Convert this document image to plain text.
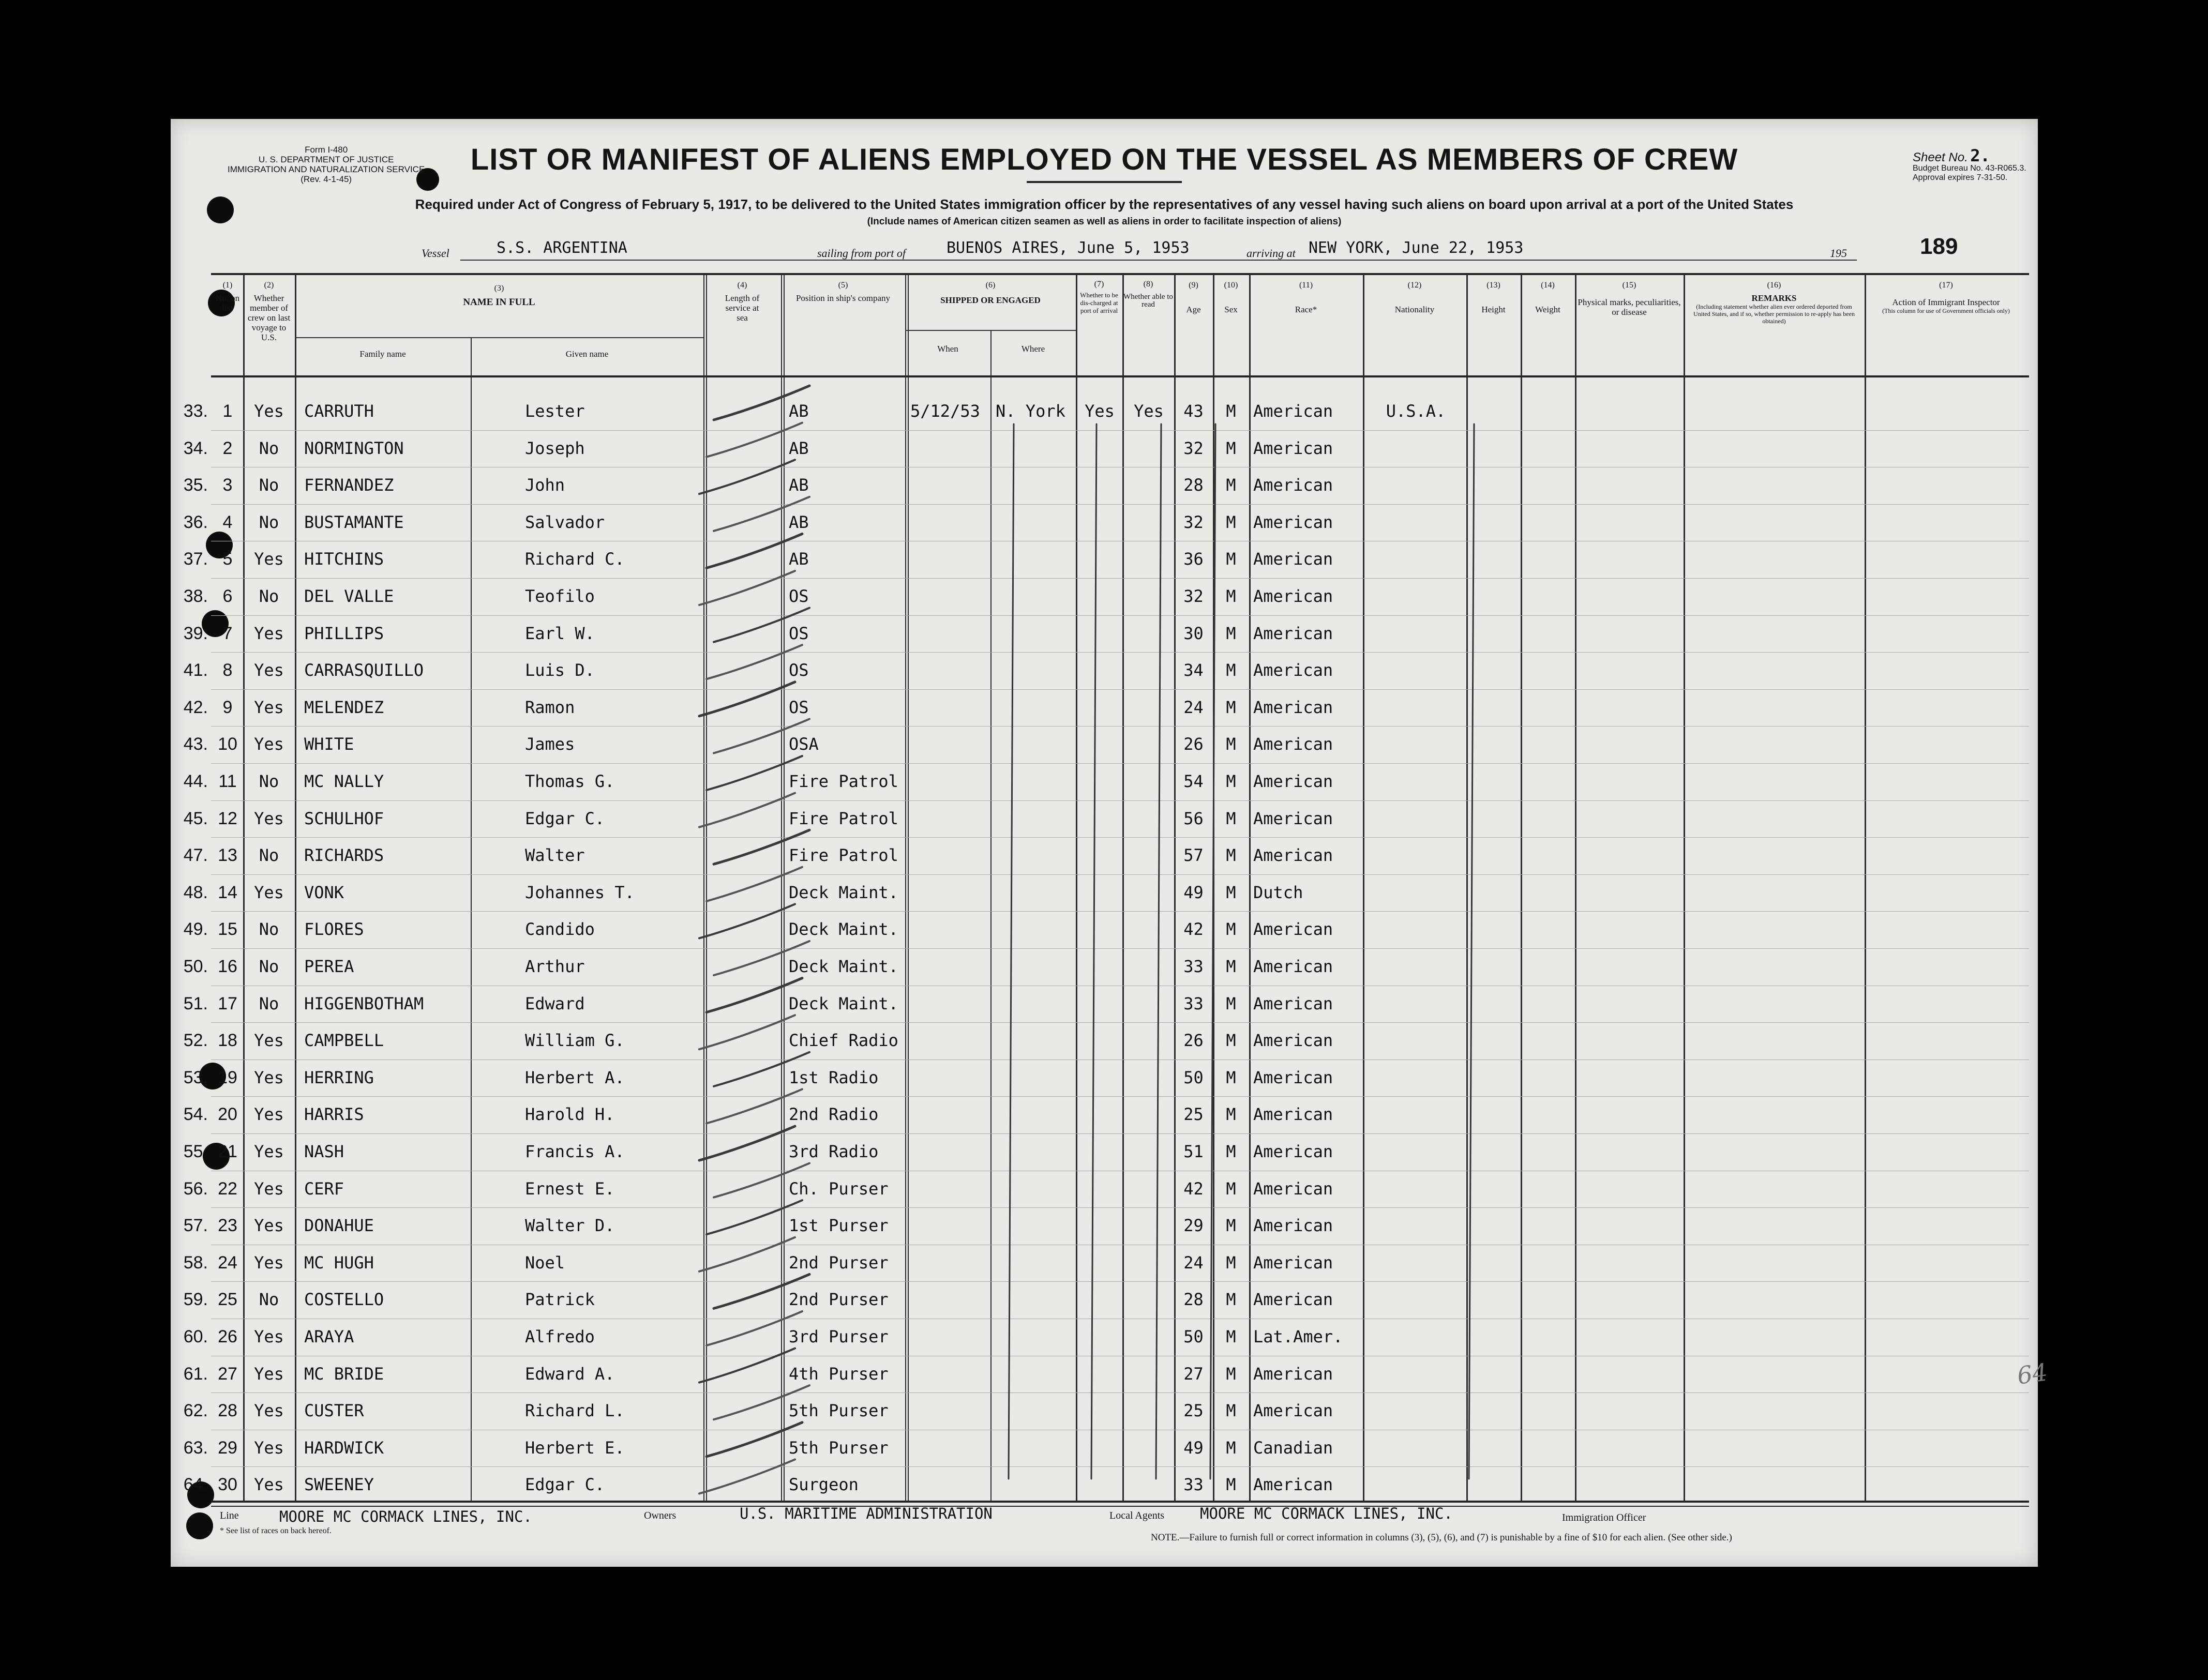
Form I-480
U. S. DEPARTMENT OF JUSTICE
IMMIGRATION AND NATURALIZATION SERVICE
(Rev. 4-1-45)
LIST OR MANIFEST OF ALIENS EMPLOYED ON THE VESSEL AS MEMBERS OF CREW	Sheet No. 2.
Budget Bureau No. 43-R065.3.
Approval expires 7-31-50.
Required under Act of Congress of February 5, 1917, to be delivered to the United States immigration officer by the representatives of any vessel having such aliens on board upon arrival at a port of the United States
(Include names of American citizen seamen as well as aliens in order to facilitate inspection of aliens)
Vessel	S.S. ARGENTINA	sailing from port of	BUENOS AIRES, June 5, 1953	arriving at NEW YORK, June 22, 1953	195	189
(1)
No. on list
(2)
Whether member of crew on last voyage to U.S.
(3)
NAME IN FULL
Family name	Given name
(4)
Length of service at sea
(5)
Position in ship's company
(6)
SHIPPED OR ENGAGED
When	Where
(7)
Whether to be dis-charged at port of arrival
(8)
Whether able to read
(9)
Age
(10)
Sex
(11)
Race*
(12)
Nationality
(13)
Height
(14)
Weight
(15)
Physical marks, peculiarities, or disease
(16)
REMARKS
(Including statement whether alien ever ordered deported from United States, and if so, whether permission to re-apply has been obtained)
(17)
Action of Immigrant Inspector
(This column for use of Government officials only)
33. 1	Yes	CARRUTH	Lester	AB	5/12/53 N. York	Yes	Yes	43	M	American	U.S.A.
34. 2	No	NORMINGTON	Joseph	AB	32	M	American
35. 3	No	FERNANDEZ	John	AB	28	M	American
36. 4	No	BUSTAMANTE	Salvador	AB	32	M	American
37. 5	Yes	HITCHINS	Richard C.	AB	36	M	American
38. 6	No	DEL VALLE	Teofilo	OS	32	M	American
39. 7	Yes	PHILLIPS	Earl W.	OS	30	M	American
41. 8	Yes	CARRASQUILLO	Luis D.	OS	34	M	American
42. 9	Yes	MELENDEZ	Ramon	OS	24	M	American
43. 10	Yes	WHITE	James	OSA	26	M	American
44. 11	No	MC NALLY	Thomas G.	Fire Patrol	54	M	American
45. 12	Yes	SCHULHOF	Edgar C.	Fire Patrol	56	M	American
47. 13	No	RICHARDS	Walter	Fire Patrol	57	M	American
48. 14	Yes	VONK	Johannes T.	Deck Maint.	49	M	Dutch
49. 15	No	FLORES	Candido	Deck Maint.	42	M	American
50. 16	No	PEREA	Arthur	Deck Maint.	33	M	American
51. 17	No	HIGGENBOTHAM	Edward	Deck Maint.	33	M	American
52. 18	Yes	CAMPBELL	William G.	Chief Radio	26	M	American
53. 19	Yes	HERRING	Herbert A.	1st Radio	50	M	American
54. 20	Yes	HARRIS	Harold H.	2nd Radio	25	M	American
55. 21	Yes	NASH	Francis A.	3rd Radio	51	M	American
56. 22	Yes	CERF	Ernest E.	Ch. Purser	42	M	American
57. 23	Yes	DONAHUE	Walter D.	1st Purser	29	M	American
58. 24	Yes	MC HUGH	Noel	2nd Purser	24	M	American
59. 25	No	COSTELLO	Patrick	2nd Purser	28	M	American
60. 26	Yes	ARAYA	Alfredo	3rd Purser	50	M	Lat.Amer.
61. 27	Yes	MC BRIDE	Edward A.	4th Purser	27	M	American
62. 28	Yes	CUSTER	Richard L.	5th Purser	25	M	American
63. 29	Yes	HARDWICK	Herbert E.	5th Purser	49	M	Canadian
64. 30	Yes	SWEENEY	Edgar C.	Surgeon	33	M	American
64
Line	MOORE MC CORMACK LINES, INC.
* See list of races on back hereof.
Owners	U.S. MARITIME ADMINISTRATION	Local Agents MOORE MC CORMACK LINES, INC.	Immigration Officer
NOTE.—Failure to furnish full or correct information in columns (3), (5), (6), and (7) is punishable by a fine of $10 for each alien. (See other side.)
